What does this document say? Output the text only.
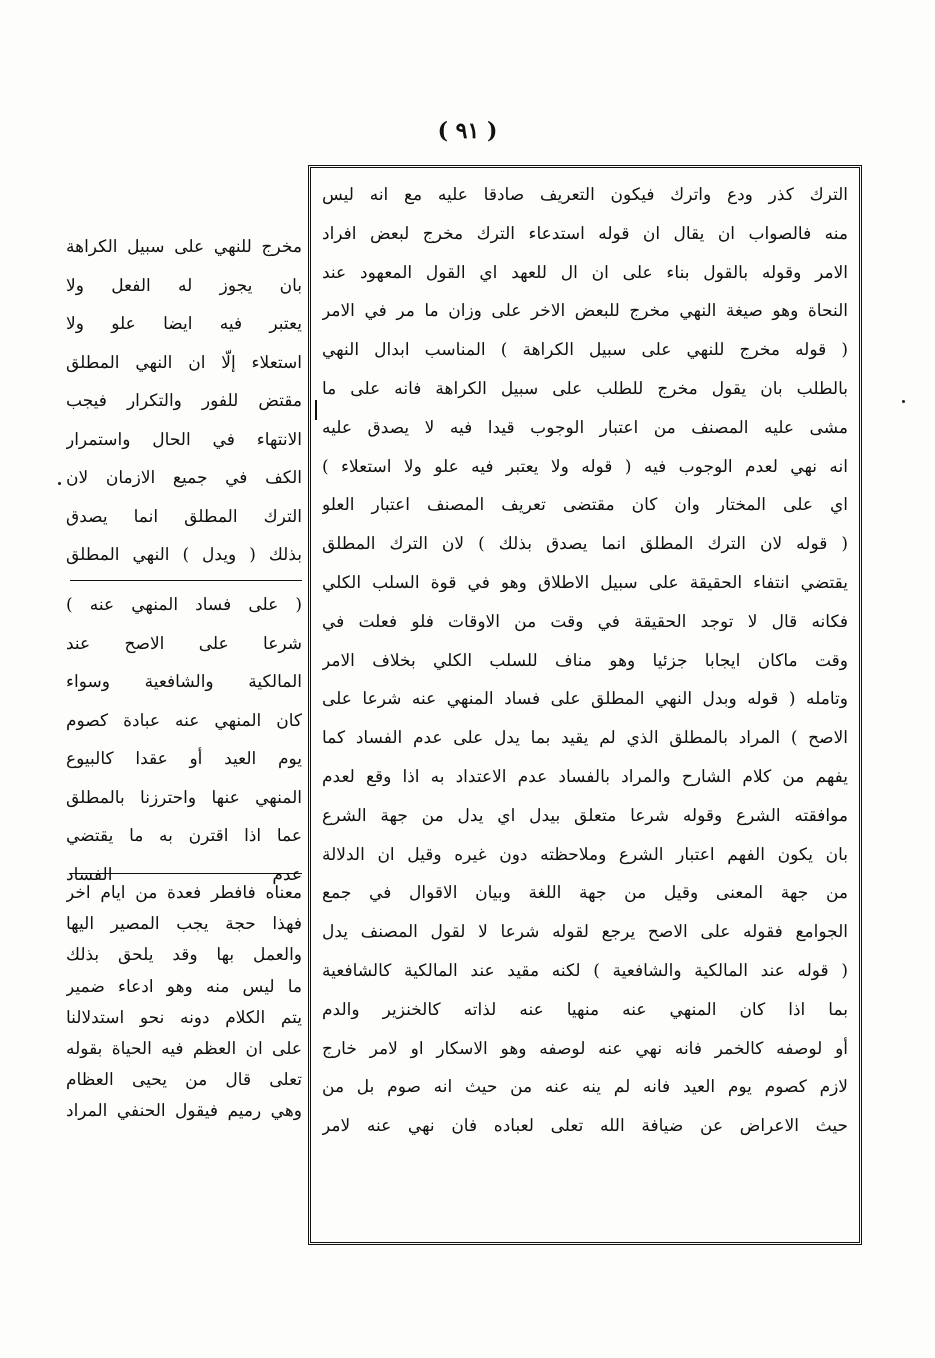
( ٩١ )
الترك كذر ودع واترك فيكون التعريف صادقا عليه مع انه ليس
منه فالصواب ان يقال ان قوله استدعاء الترك مخرج لبعض افراد
الامر وقوله بالقول بناء على ان ال للعهد اي القول المعهود عند
النحاة وهو صيغة النهي مخرج للبعض الاخر على وزان ما مر في الامر
( قوله مخرج للنهي على سبيل الكراهة ) المناسب ابدال النهي
بالطلب بان يقول مخرج للطلب على سبيل الكراهة فانه على ما
مشى عليه المصنف من اعتبار الوجوب قيدا فيه لا يصدق عليه
انه نهي لعدم الوجوب فيه ( قوله ولا يعتبر فيه علو ولا استعلاء )
اي على المختار وان كان مقتضى تعريف المصنف اعتبار العلو
( قوله لان الترك المطلق انما يصدق بذلك ) لان الترك المطلق
يقتضي انتفاء الحقيقة على سبيل الاطلاق وهو في قوة السلب الكلي
فكانه قال لا توجد الحقيقة في وقت من الاوقات فلو فعلت في
وقت ماكان ايجابا جزئيا وهو مناف للسلب الكلي بخلاف الامر
وتامله ( قوله وبدل النهي المطلق على فساد المنهي عنه شرعا على
الاصح ) المراد بالمطلق الذي لم يقيد بما يدل على عدم الفساد كما
يفهم من كلام الشارح والمراد بالفساد عدم الاعتداد به اذا وقع لعدم
موافقته الشرع وقوله شرعا متعلق بيدل اي يدل من جهة الشرع
بان يكون الفهم اعتبار الشرع وملاحظته دون غيره وقيل ان الدلالة
من جهة المعنى وقيل من جهة اللغة وبيان الاقوال في جمع
الجوامع فقوله على الاصح يرجع لقوله شرعا لا لقول المصنف يدل
( قوله عند المالكية والشافعية ) لكنه مقيد عند المالكية كالشافعية
بما اذا كان المنهي عنه منهيا عنه لذاته كالخنزير والدم
أو لوصفه كالخمر فانه نهي عنه لوصفه وهو الاسكار او لامر خارج
لازم كصوم يوم العيد فانه لم ينه عنه من حيث انه صوم بل من
حيث الاعراض عن ضيافة الله تعلى لعباده فان نهي عنه لامر
مخرج للنهي على سبيل الكراهة
بان يجوز له الفعل ولا
يعتبر فيه ايضا علو ولا
استعلاء إلّا ان النهي المطلق
مقتض للفور والتكرار فيجب
الانتهاء في الحال واستمرار
الكف في جميع الازمان لان
الترك المطلق انما يصدق
بذلك ( ويدل ) النهي المطلق
( على فساد المنهي عنه )
شرعا على الاصح عند
المالكية والشافعية وسواء
كان المنهي عنه عبادة كصوم
يوم العيد أو عقدا كالبيوع
المنهي عنها واحترزنا بالمطلق
عما اذا اقترن به ما يقتضي
عدم الفساد
معناه فافطر فعدة من ايام اخر
فهذا حجة يجب المصير اليها
والعمل بها وقد يلحق بذلك
ما ليس منه وهو ادعاء ضمير
يتم الكلام دونه نحو استدلالنا
على ان العظم فيه الحياة بقوله
تعلى قال من يحيى العظام
وهي رميم فيقول الحنفي المراد
